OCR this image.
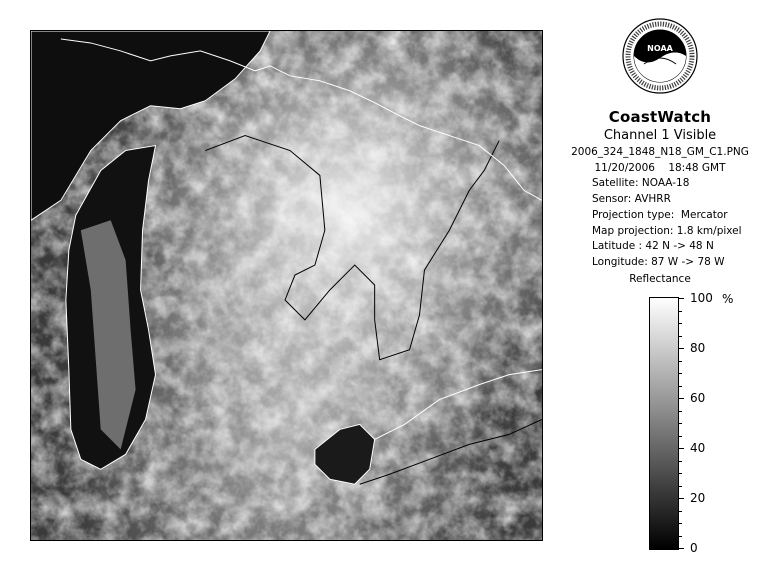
NOAA
CoastWatch
Channel 1 Visible
2006_324_1848_N18_GM_C1.PNG
11/20/2006    18:48 GMT
Satellite: NOAA-18
Sensor: AVHRR
Projection type:  Mercator
Map projection: 1.8 km/pixel
Latitude : 42 N -> 48 N
Longitude: 87 W -> 78 W
Reflectance
%
100
80
60
40
20
0
